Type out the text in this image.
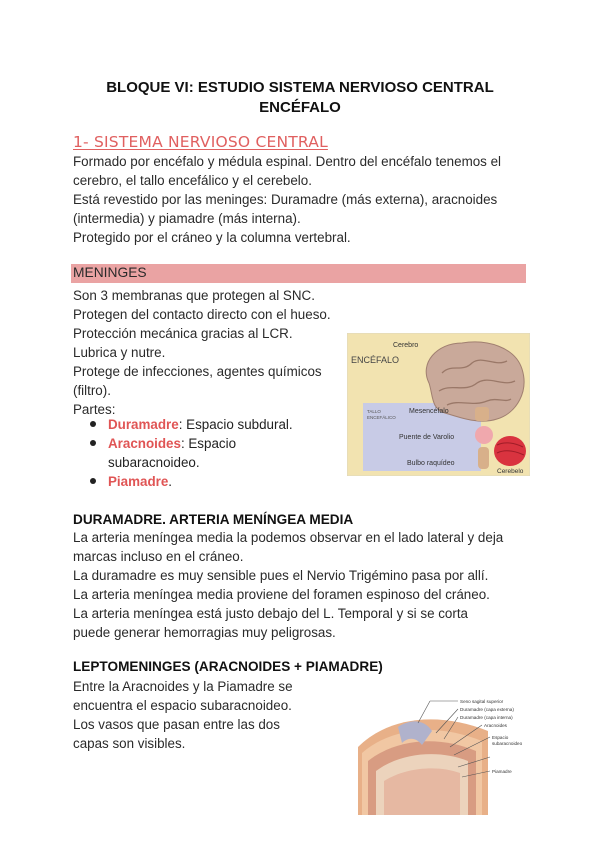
BLOQUE VI: ESTUDIO SISTEMA NERVIOSO CENTRAL
ENCÉFALO
1- SISTEMA NERVIOSO CENTRAL
Formado por encéfalo y médula espinal. Dentro del encéfalo tenemos el
cerebro, el tallo encefálico y el cerebelo.
Está revestido por las meninges: Duramadre (más externa), aracnoides
(intermedia) y piamadre (más interna).
Protegido por el cráneo y la columna vertebral.
MENINGES
Son 3 membranas que protegen al SNC.
Protegen del contacto directo con el hueso.
Protección mecánica gracias al LCR.
Lubrica y nutre.
Protege de infecciones, agentes químicos
(filtro).
Partes:
Duramadre: Espacio subdural.
Aracnoides: Espacio
subaracnoideo.
Piamadre.
ENCÉFALO
Cerebro
TALLO
ENCEFÁLICO
Mesencéfalo
Puente de Varolio
Bulbo raquídeo
Cerebelo
DURAMADRE. ARTERIA MENÍNGEA MEDIA
La arteria meníngea media la podemos observar en el lado lateral y deja
marcas incluso en el cráneo.
La duramadre es muy sensible pues el Nervio Trigémino pasa por allí.
La arteria meníngea media proviene del foramen espinoso del cráneo.
La arteria meníngea está justo debajo del L. Temporal y si se corta
puede generar hemorragias muy peligrosas.
LEPTOMENINGES (ARACNOIDES + PIAMADRE)
Entre la Aracnoides y la Piamadre se
encuentra el espacio subaracnoideo.
Los vasos que pasan entre las dos
capas son visibles.
Seno sagital superior
Duramadre (capa externa)
Duramadre (capa interna)
Aracnoides
Espacio
subaracnoideo
Piamadre
